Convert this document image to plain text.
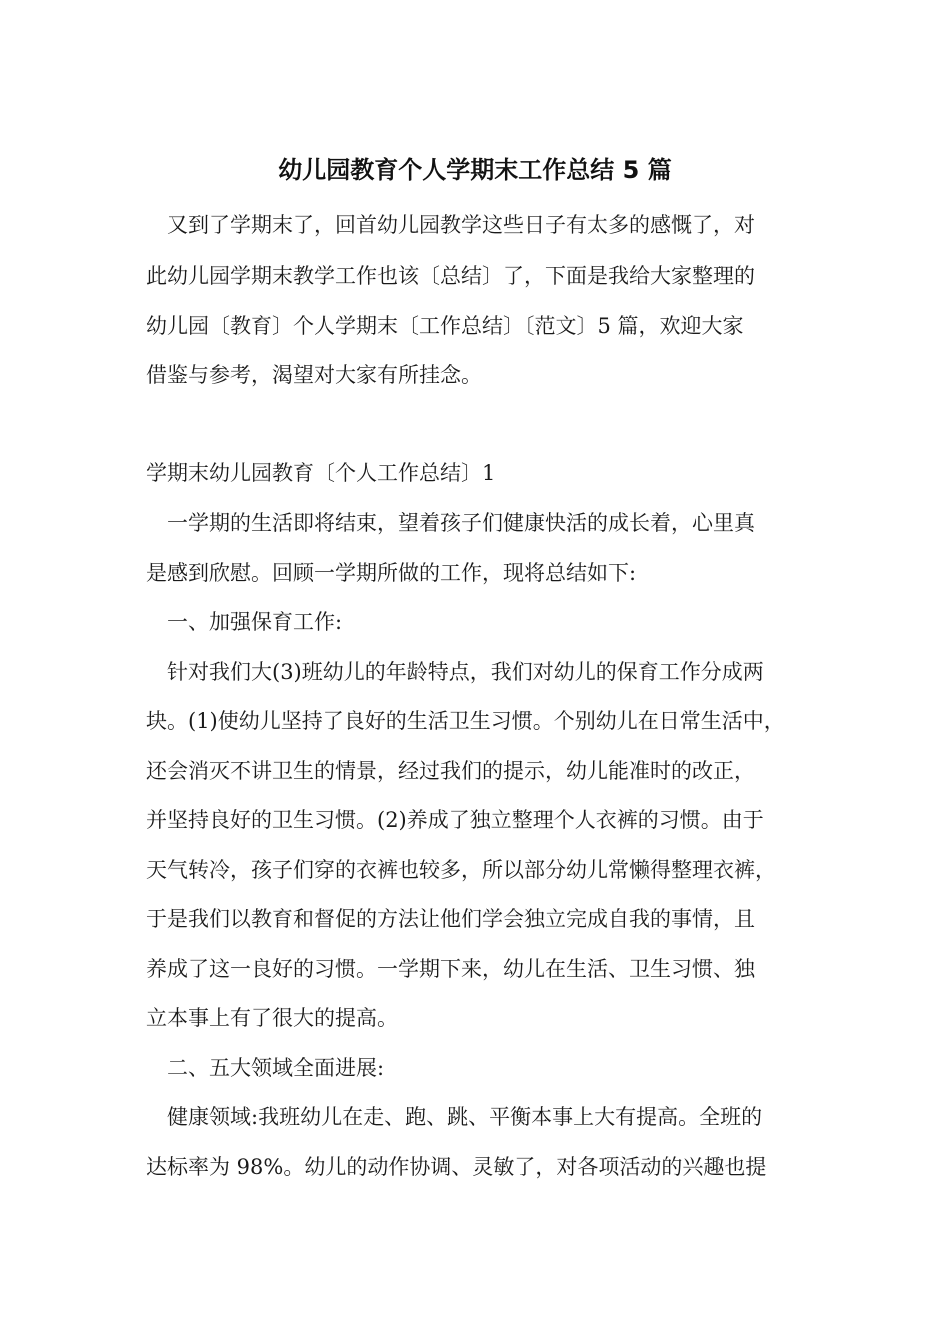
幼儿园教育个人学期末工作总结 5 篇
　又到了学期末了，回首幼儿园教学这些日子有太多的感慨了，对
此幼儿园学期末教学工作也该〔总结〕了，下面是我给大家整理的
幼儿园〔教育〕个人学期末〔工作总结〕〔范文〕5 篇，欢迎大家
借鉴与参考，渴望对大家有所挂念。
学期末幼儿园教育〔个人工作总结〕1
　一学期的生活即将结束，望着孩子们健康快活的成长着，心里真
是感到欣慰。回顾一学期所做的工作，现将总结如下:
　一、加强保育工作:
　针对我们大(3)班幼儿的年龄特点，我们对幼儿的保育工作分成两
块。(1)使幼儿坚持了良好的生活卫生习惯。个别幼儿在日常生活中，
还会消灭不讲卫生的情景，经过我们的提示，幼儿能准时的改正，
并坚持良好的卫生习惯。(2)养成了独立整理个人衣裤的习惯。由于
天气转冷，孩子们穿的衣裤也较多，所以部分幼儿常懒得整理衣裤，
于是我们以教育和督促的方法让他们学会独立完成自我的事情，且
养成了这一良好的习惯。一学期下来，幼儿在生活、卫生习惯、独
立本事上有了很大的提高。
　二、五大领域全面进展:
　健康领域:我班幼儿在走、跑、跳、平衡本事上大有提高。全班的
达标率为 98%。幼儿的动作协调、灵敏了，对各项活动的兴趣也提
